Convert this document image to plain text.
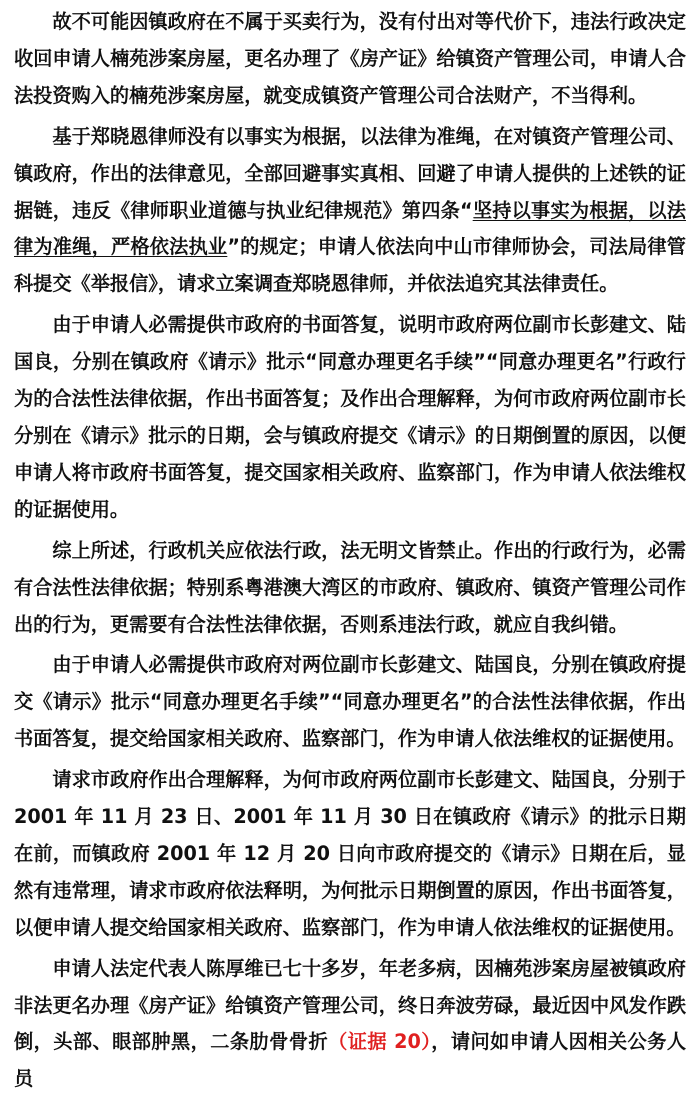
故不可能因镇政府在不属于买卖行为，没有付出对等代价下，违法行政决定收回申请人楠苑涉案房屋，更名办理了《房产证》给镇资产管理公司，申请人合法投资购入的楠苑涉案房屋，就变成镇资产管理公司合法财产，不当得利。

基于郑晓恩律师没有以事实为根据，以法律为准绳，在对镇资产管理公司、镇政府，作出的法律意见，全部回避事实真相、回避了申请人提供的上述铁的证据链，违反《律师职业道德与执业纪律规范》第四条“坚持以事实为根据，以法律为准绳，严格依法执业”的规定；申请人依法向中山市律师协会，司法局律管科提交《举报信》，请求立案调查郑晓恩律师，并依法追究其法律责任。

由于申请人必需提供市政府的书面答复，说明市政府两位副市长彭建文、陆国良，分别在镇政府《请示》批示“同意办理更名手续”“同意办理更名”行政行为的合法性法律依据，作出书面答复；及作出合理解释，为何市政府两位副市长分别在《请示》批示的日期，会与镇政府提交《请示》的日期倒置的原因，以便申请人将市政府书面答复，提交国家相关政府、监察部门，作为申请人依法维权的证据使用。

综上所述，行政机关应依法行政，法无明文皆禁止。作出的行政行为，必需有合法性法律依据；特别系粤港澳大湾区的市政府、镇政府、镇资产管理公司作出的行为，更需要有合法性法律依据，否则系违法行政，就应自我纠错。

由于申请人必需提供市政府对两位副市长彭建文、陆国良，分别在镇政府提交《请示》批示“同意办理更名手续”“同意办理更名”的合法性法律依据，作出书面答复，提交给国家相关政府、监察部门，作为申请人依法维权的证据使用。

请求市政府作出合理解释，为何市政府两位副市长彭建文、陆国良，分别于2001 年 11 月 23 日、2001 年 11 月 30 日在镇政府《请示》的批示日期在前，而镇政府 2001 年 12 月 20 日向市政府提交的《请示》日期在后，显然有违常理，请求市政府依法释明，为何批示日期倒置的原因，作出书面答复，以便申请人提交给国家相关政府、监察部门，作为申请人依法维权的证据使用。

申请人法定代表人陈厚维已七十多岁，年老多病，因楠苑涉案房屋被镇政府非法更名办理《房产证》给镇资产管理公司，终日奔波劳碌，最近因中风发作跌倒，头部、眼部肿黑，二条肋骨骨折（证据 20），请问如申请人因相关公务人员
